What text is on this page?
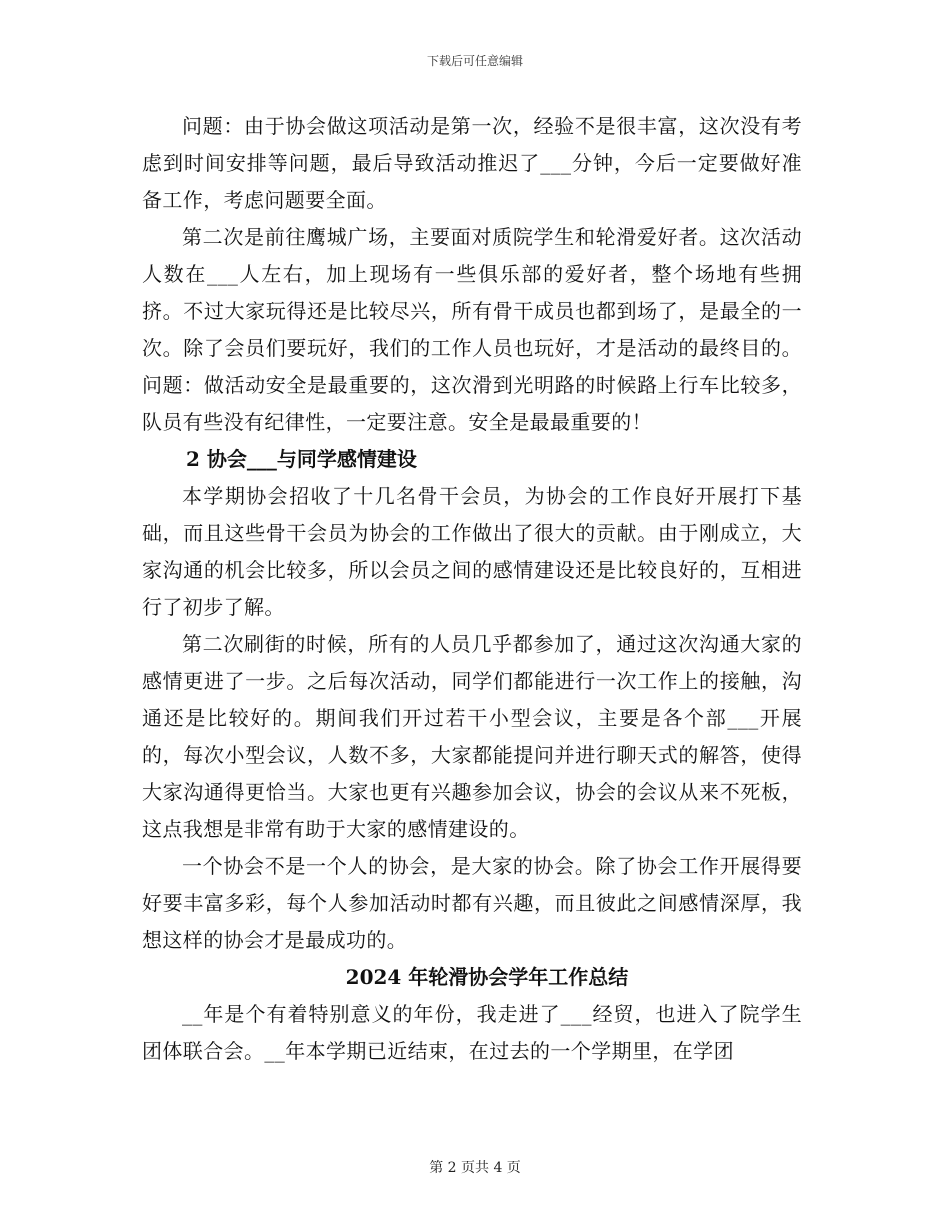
下载后可任意编辑

问题：由于协会做这项活动是第一次，经验不是很丰富，这次没有考虑到时间安排等问题，最后导致活动推迟了___分钟，今后一定要做好准备工作，考虑问题要全面。

第二次是前往鹰城广场，主要面对质院学生和轮滑爱好者。这次活动人数在___人左右，加上现场有一些俱乐部的爱好者，整个场地有些拥挤。不过大家玩得还是比较尽兴，所有骨干成员也都到场了，是最全的一次。除了会员们要玩好，我们的工作人员也玩好，才是活动的最终目的。问题：做活动安全是最重要的，这次滑到光明路的时候路上行车比较多，队员有些没有纪律性，一定要注意。安全是最最重要的！

2 协会___与同学感情建设

本学期协会招收了十几名骨干会员，为协会的工作良好开展打下基础，而且这些骨干会员为协会的工作做出了很大的贡献。由于刚成立，大家沟通的机会比较多，所以会员之间的感情建设还是比较良好的，互相进行了初步了解。

第二次刷街的时候，所有的人员几乎都参加了，通过这次沟通大家的感情更进了一步。之后每次活动，同学们都能进行一次工作上的接触，沟通还是比较好的。期间我们开过若干小型会议，主要是各个部___开展的，每次小型会议，人数不多，大家都能提问并进行聊天式的解答，使得大家沟通得更恰当。大家也更有兴趣参加会议，协会的会议从来不死板，这点我想是非常有助于大家的感情建设的。

一个协会不是一个人的协会，是大家的协会。除了协会工作开展得要好要丰富多彩，每个人参加活动时都有兴趣，而且彼此之间感情深厚，我想这样的协会才是最成功的。

2024 年轮滑协会学年工作总结

__年是个有着特别意义的年份，我走进了___经贸，也进入了院学生团体联合会。__年本学期已近结束，在过去的一个学期里，在学团

第 2 页共 4 页
